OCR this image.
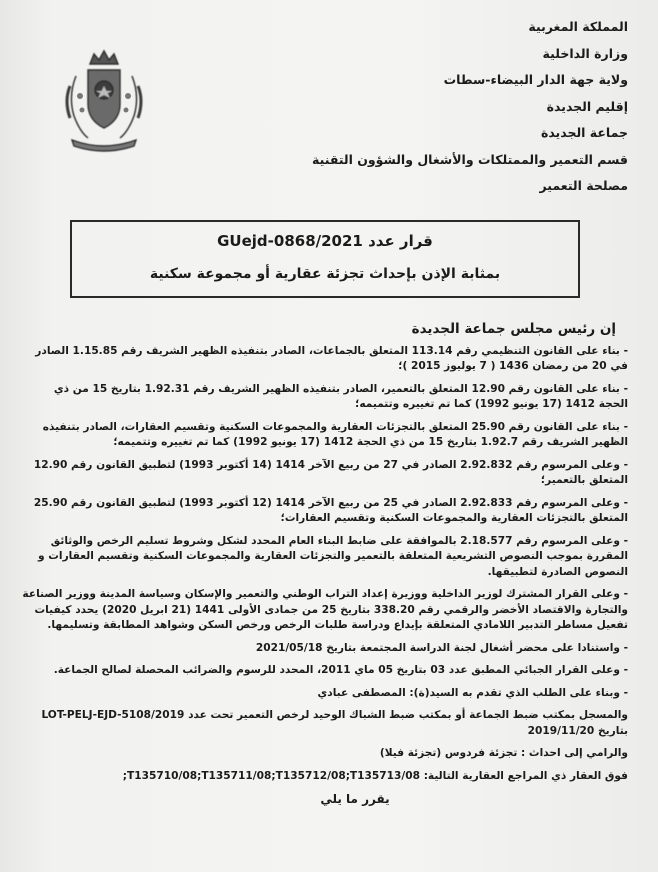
المملكة المغربية
وزارة الداخلية
ولاية جهة الدار البيضاء-سطات
إقليم الجديدة
جماعة الجديدة
قسم التعمير والممتلكات والأشغال والشؤون التقنية
مصلحة التعمير
قرار عدد GUejd-0868/2021
بمثابة الإذن بإحداث تجزئة عقارية أو مجموعة سكنية
إن رئيس مجلس جماعة الجديدة
- بناء على القانون التنظيمي رقم 113.14 المتعلق بالجماعات، الصادر بتنفيذه الظهير الشريف رقم 1.15.85 الصادر في 20 من رمضان 1436 ( 7 يوليوز 2015 )؛
- بناء على القانون رقم 12.90 المتعلق بالتعمير، الصادر بتنفيذه الظهير الشريف رقم 1.92.31 بتاريخ 15 من ذي الحجة 1412 (17 يونيو 1992) كما تم تغييره وتتميمه؛
- بناء على القانون رقم 25.90 المتعلق بالتجزئات العقارية والمجموعات السكنية وتقسيم العقارات، الصادر بتنفيذه الظهير الشريف رقم 1.92.7 بتاريخ 15 من ذي الحجة 1412 (17 يونيو 1992) كما تم تغييره وتتميمه؛
- وعلى المرسوم رقم 2.92.832 الصادر في 27 من ربيع الآخر 1414 (14 أكتوبر 1993) لتطبيق القانون رقم 12.90 المتعلق بالتعمير؛
- وعلى المرسوم رقم 2.92.833 الصادر في 25 من ربيع الآخر 1414 (12 أكتوبر 1993) لتطبيق القانون رقم 25.90 المتعلق بالتجزئات العقارية والمجموعات السكنية وتقسيم العقارات؛
- وعلى المرسوم رقم 2.18.577 بالموافقة على ضابط البناء العام المحدد لشكل وشروط تسليم الرخص والوثائق المقررة بموجب النصوص التشريعية المتعلقة بالتعمير والتجزئات العقارية والمجموعات السكنية وتقسيم العقارات و النصوص الصادرة لتطبيقها.
- وعلى القرار المشترك لوزير الداخلية ووزيرة إعداد التراب الوطني والتعمير والإسكان وسياسة المدينة ووزير الصناعة والتجارة والاقتصاد الأخضر والرقمي رقم 338.20 بتاريخ 25 من جمادى الأولى 1441 (21 ابريل 2020) يحدد كيفيات تفعيل مساطر التدبير اللامادي المتعلقة بإيداع ودراسة طلبات الرخص ورخص السكن وشواهد المطابقة وتسليمها.
- واستنادا على محضر أشغال لجنة الدراسة المجتمعة بتاريخ 2021/05/18
- وعلى القرار الجبائي المطبق عدد 03 بتاريخ 05 ماي 2011، المحدد للرسوم والضرائب المحصلة لصالح الجماعة.
- وبناء على الطلب الذي تقدم به السيد(ة): المصطفى عبادي
والمسجل بمكتب ضبط الجماعة أو بمكتب ضبط الشباك الوحيد لرخص التعمير تحت عدد LOT-PELJ-EJD-5108/2019 بتاريخ 2019/11/20
والرامي إلى احداث : تجزئة فردوس (تجزئة فيلا)
فوق العقار ذي المراجع العقارية التالية: T135710/08;T135711/08;T135712/08;T135713/08;
يقرر ما يلي
